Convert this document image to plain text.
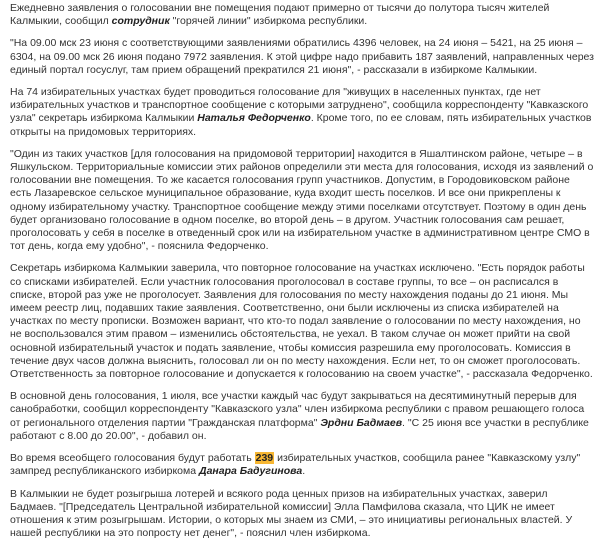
Ежедневно заявления о голосовании вне помещения подают примерно от тысячи до полутора тысяч жителей Калмыкии, сообщил сотрудник "горячей линии" избиркома республики.

"На 09.00 мск 23 июня с соответствующими заявлениями обратились 4396 человек, на 24 июня – 5421, на 25 июня – 6304, на 09.00 мск 26 июня подано 7972 заявления. К этой цифре надо прибавить 187 заявлений, направленных через единый портал госуслуг, там прием обращений прекратился 21 июня", - рассказали в избиркоме Калмыкии.

На 74 избирательных участках будет проводиться голосование для "живущих в населенных пунктах, где нет избирательных участков и транспортное сообщение с которыми затруднено", сообщила корреспонденту "Кавказского узла" секретарь избиркома Калмыкии Наталья Федорченко. Кроме того, по ее словам, пять избирательных участков открыты на придомовых территориях.

"Один из таких участков [для голосования на придомовой территории] находится в Яшалтинском районе, четыре – в Яшкульском. Территориальные комиссии этих районов определили эти места для голосования, исходя из заявлений о голосовании вне помещения. То же касается голосования групп участников. Допустим, в Городовиковском районе есть Лазаревское сельское муниципальное образование, куда входит шесть поселков. И все они прикреплены к одному избирательному участку. Транспортное сообщение между этими поселками отсутствует. Поэтому в один день будет организовано голосование в одном поселке, во второй день – в другом. Участник голосования сам решает, проголосовать у себя в поселке в отведенный срок или на избирательном участке в административном центре СМО в тот день, когда ему удобно", - пояснила Федорченко.

Секретарь избиркома Калмыкии заверила, что повторное голосование на участках исключено. "Есть порядок работы со списками избирателей. Если участник голосования проголосовал в составе группы, то все – он расписался в списке, второй раз уже не проголосует. Заявления для голосования по месту нахождения поданы до 21 июня. Мы имеем реестр лиц, подавших такие заявления. Соответственно, они были исключены из списка избирателей на участках по месту прописки. Возможен вариант, что кто-то подал заявление о голосовании по месту нахождения, но не воспользовался этим правом – изменились обстоятельства, не уехал. В таком случае он может прийти на свой основной избирательный участок и подать заявление, чтобы комиссия разрешила ему проголосовать. Комиссия в течение двух часов должна выяснить, голосовал ли он по месту нахождения. Если нет, то он сможет проголосовать. Ответственность за повторное голосование и допускается к голосованию на своем участке", - рассказала Федорченко.

В основной день голосования, 1 июля, все участки каждый час будут закрываться на десятиминутный перерыв для санобработки, сообщил корреспонденту "Кавказского узла" член избиркома республики с правом решающего голоса от регионального отделения партии "Гражданская платформа" Эрдни Бадмаев. "С 25 июня все участки в республике работают с 8.00 до 20.00", - добавил он.

Во время всеобщего голосования будут работать 239 избирательных участков, сообщила ранее "Кавказскому узлу" зампред республиканского избиркома Данара Бадугинова.

В Калмыкии не будет розыгрыша лотерей и всякого рода ценных призов на избирательных участках, заверил Бадмаев. "[Председатель Центральной избирательной комиссии] Элла Памфилова сказала, что ЦИК не имеет отношения к этим розыгрышам. Истории, о которых мы знаем из СМИ, – это инициативы региональных властей. У нашей республики на это попросту нет денег", - пояснил член избиркома.
